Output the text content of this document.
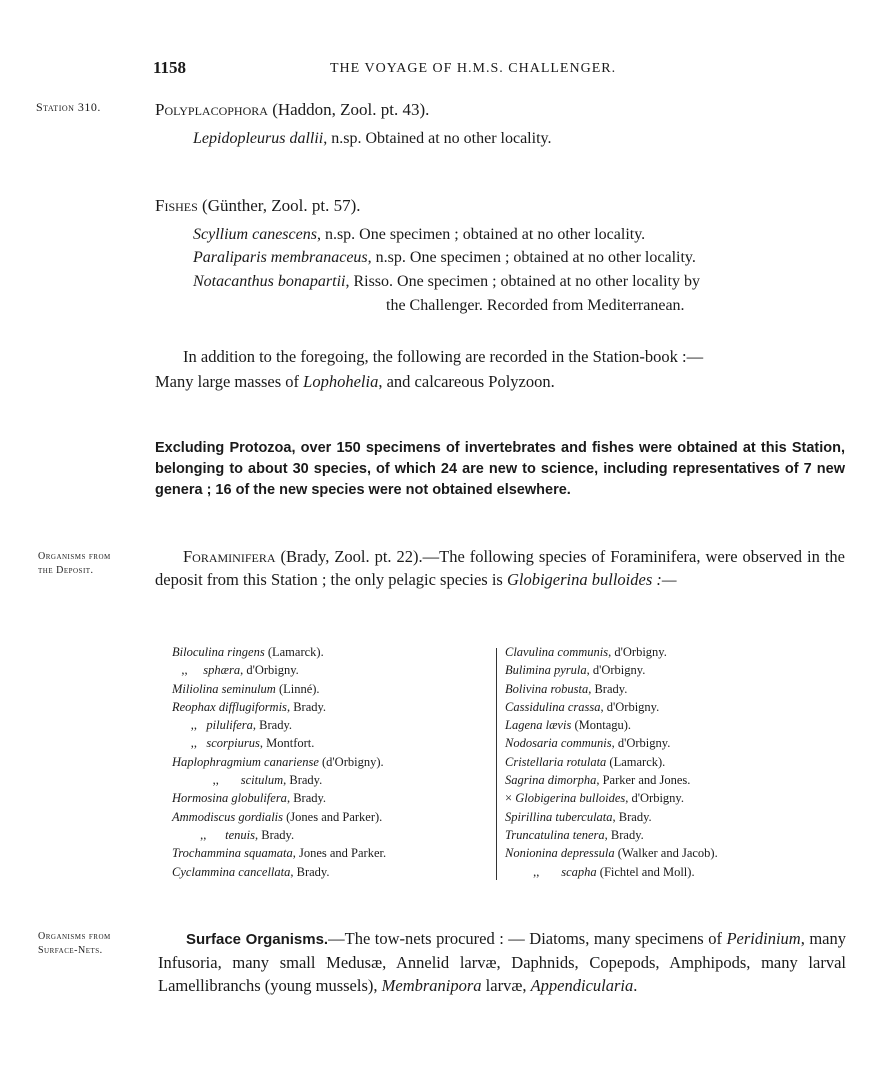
1158	THE VOYAGE OF H.M.S. CHALLENGER.
Station 310.
Organisms from
the Deposit.
Organisms from
Surface-Nets.
Polyplacophora (Haddon, Zool. pt. 43).
Lepidopleurus dallii, n.sp. Obtained at no other locality.
Fishes (Günther, Zool. pt. 57).
Scyllium canescens, n.sp. One specimen ; obtained at no other locality.
Paraliparis membranaceus, n.sp. One specimen ; obtained at no other locality.
Notacanthus bonapartii, Risso. One specimen ; obtained at no other locality by
the Challenger. Recorded from Mediterranean.
In addition to the foregoing, the following are recorded in the Station-book :—
Many large masses of Lophohelia, and calcareous Polyzoon.
Excluding Protozoa, over 150 specimens of invertebrates and fishes were obtained at this Station, belonging to about 30 species, of which 24 are new to science, including representatives of 7 new genera ; 16 of the new species were not obtained elsewhere.
Foraminifera (Brady, Zool. pt. 22).—The following species of Foraminifera, were observed in the deposit from this Station ; the only pelagic species is Globigerina bulloides :—
Biloculina ringens (Lamarck).
,,     sphæra, d'Orbigny.
Miliolina seminulum (Linné).
Reophax difflugiformis, Brady.
,,   pilulifera, Brady.
,,   scorpiurus, Montfort.
Haplophragmium canariense (d'Orbigny).
,,       scitulum, Brady.
Hormosina globulifera, Brady.
Ammodiscus gordialis (Jones and Parker).
,,      tenuis, Brady.
Trochammina squamata, Jones and Parker.
Cyclammina cancellata, Brady.
Clavulina communis, d'Orbigny.
Bulimina pyrula, d'Orbigny.
Bolivina robusta, Brady.
Cassidulina crassa, d'Orbigny.
Lagena lævis (Montagu).
Nodosaria communis, d'Orbigny.
Cristellaria rotulata (Lamarck).
Sagrina dimorpha, Parker and Jones.
× Globigerina bulloides, d'Orbigny.
Spirillina tuberculata, Brady.
Truncatulina tenera, Brady.
Nonionina depressula (Walker and Jacob).
,,       scapha (Fichtel and Moll).
Surface Organisms.—The tow-nets procured : — Diatoms, many specimens of Peridinium, many Infusoria, many small Medusæ, Annelid larvæ, Daphnids, Copepods, Amphipods, many larval Lamellibranchs (young mussels), Membranipora larvæ, Appendicularia.
